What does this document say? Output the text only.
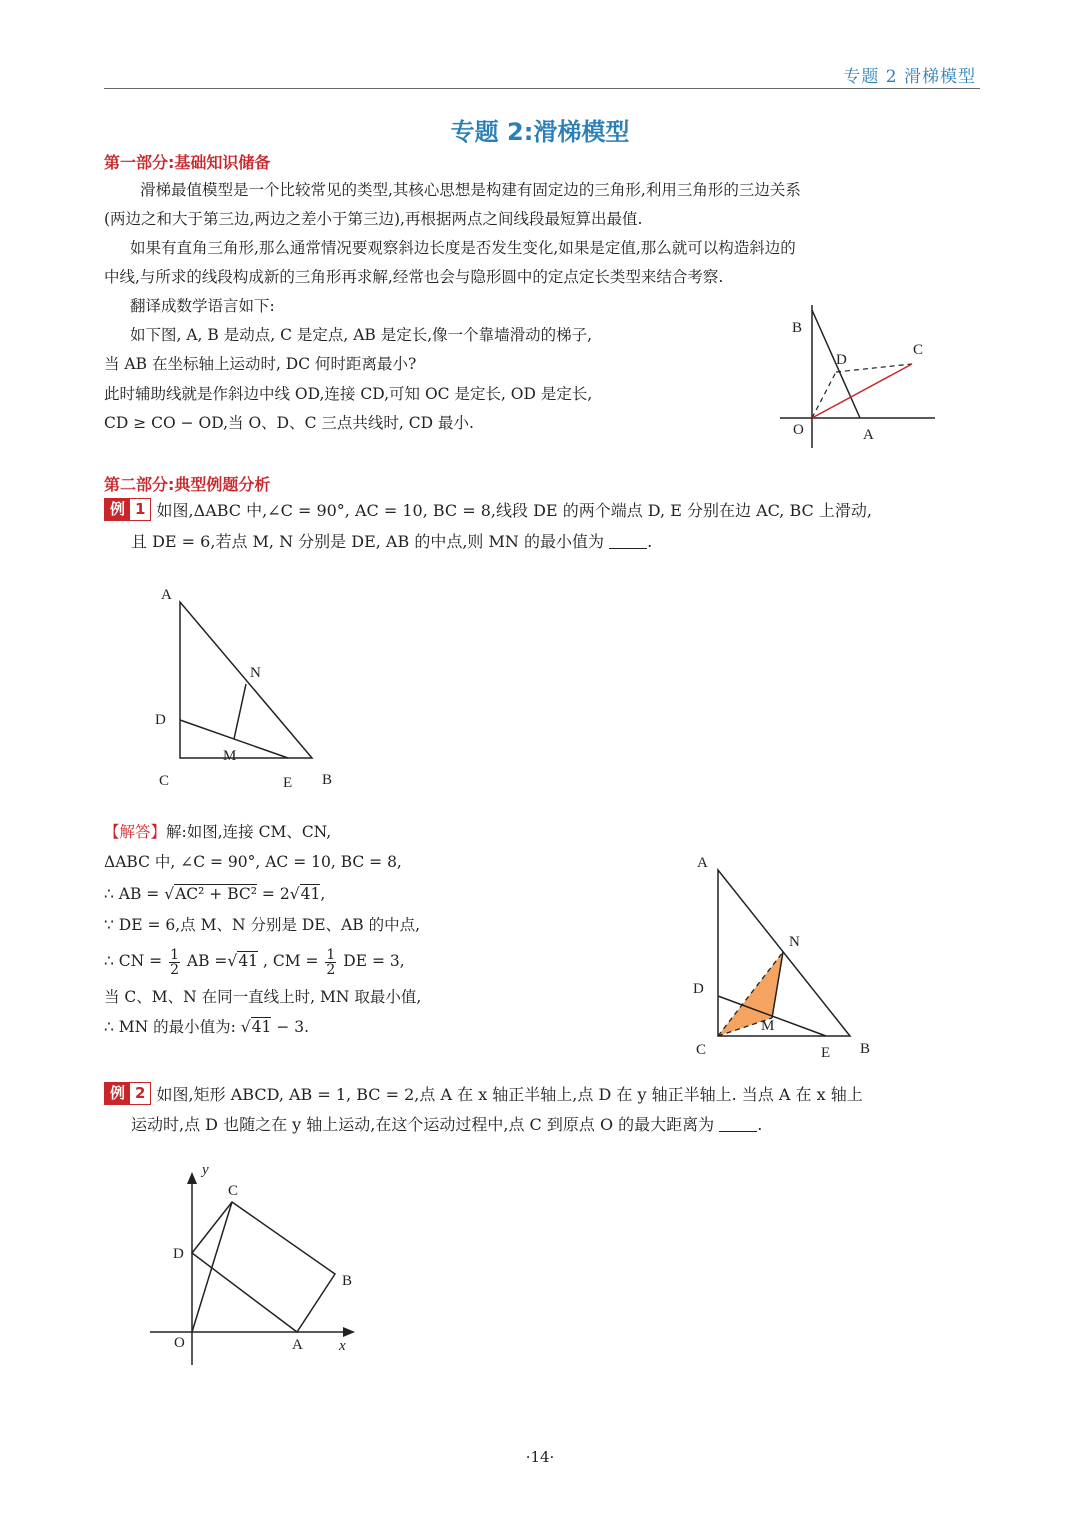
专题 2 滑梯模型
专题 2:滑梯模型
第一部分:基础知识储备
滑梯最值模型是一个比较常见的类型,其核心思想是构建有固定边的三角形,利用三角形的三边关系
(两边之和大于第三边,两边之差小于第三边),再根据两点之间线段最短算出最值.
如果有直角三角形,那么通常情况要观察斜边长度是否发生变化,如果是定值,那么就可以构造斜边的
中线,与所求的线段构成新的三角形再求解,经常也会与隐形圆中的定点定长类型来结合考察.
翻译成数学语言如下:
如下图, A, B 是动点, C 是定点, AB 是定长,像一个靠墙滑动的梯子,
当 AB 在坐标轴上运动时, DC 何时距离最小?
此时辅助线就是作斜边中线 OD,连接 CD,可知 OC 是定长, OD 是定长,
CD ≥ CO − OD,当 O、D、C 三点共线时, CD 最小.
B
D
C
O	A
第二部分:典型例题分析
例 1 如图,ΔABC 中,∠C = 90°, AC = 10, BC = 8,线段 DE 的两个端点 D, E 分别在边 AC, BC 上滑动,
且 DE = 6,若点 M, N 分别是 DE, AB 的中点,则 MN 的最小值为	.
A
N
D
M
C	E B
【解答】解:如图,连接 CM、CN,
ΔABC 中, ∠C = 90°, AC = 10, BC = 8,
∴ AB = √AC² + BC² = 2√41,
∵ DE = 6,点 M、N 分别是 DE、AB 的中点,
∴ CN = $\frac{1}{2}$ AB =√41 , CM = $\frac{1}{2}$ DE = 3,
当 C、M、N 在同一直线上时, MN 取最小值,
∴ MN 的最小值为: √41 − 3.
A
N
D
M
C	E B
例 2 如图,矩形 ABCD, AB = 1, BC = 2,点 A 在 x 轴正半轴上,点 D 在 y 轴正半轴上. 当点 A 在 x 轴上
运动时,点 D 也随之在 y 轴上运动,在这个运动过程中,点 C 到原点 O 的最大距离为	.
y
C
D
B
O	A x
·14·
